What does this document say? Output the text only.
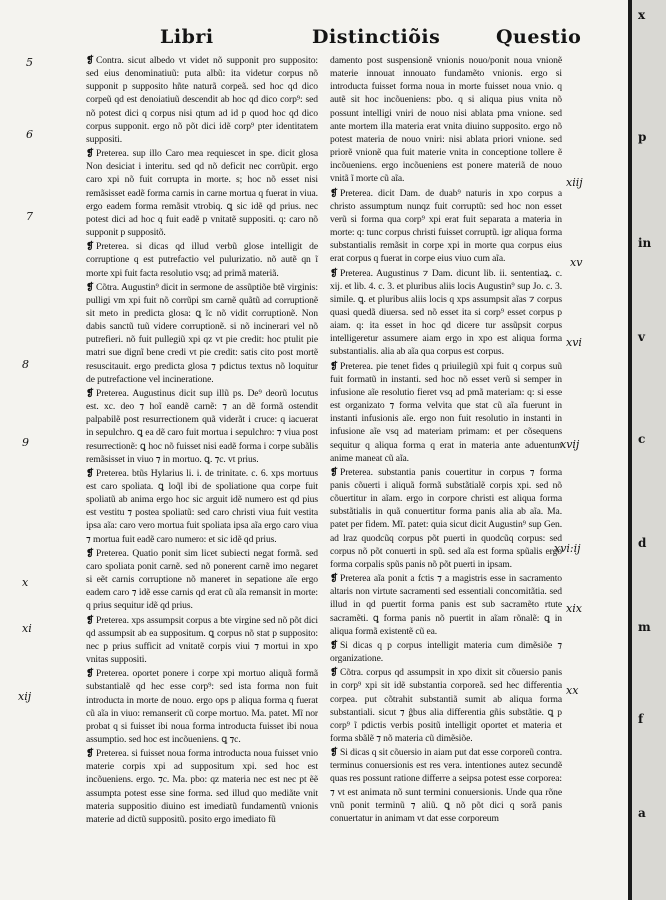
Libri	Distinctiõis	Questio
5
6
7
8
9
x
xi
xij
xiij
xv
xvi
xvij
xvi:ij
xix
xx

❡ Contra. sicut albedo vt videt nõ supponit pro supposito: sed eius denominatiuũ: puta albũ: ita videtur corpus nõ supponit p supposito hñte naturã corpeã. sed hoc qd dico corpeũ qd est denoiatiuũ descendit ab hoc qd dico corp⁹: sed nõ potest dici q corpus nisi qtum ad id p quod hoc qd dico corpus supponit. ergo nõ põt dici idẽ corp⁹ pter identitatem suppositi.

❡ Preterea. sup illo Caro mea requiescet in spe. dicit glosa Non desiciat i interitu. sed qd nõ deficit nec corrũpit. ergo caro xpi nõ fuit corrupta in morte. s; hoc nõ esset nisi remãsisset eadẽ forma carnis in carne mortua q fuerat in viua. ergo eadem forma remãsit vtrobiq. ꝗ sic idẽ qd prius. nec potest dici ad hoc q fuit eadẽ p vnitatẽ suppositi. q: caro nõ supponit p suppositõ.

❡ Preterea. si dicas qd illud verbũ glose intelligit de corruptione q est putrefactio vel pulurizatio. nõ autẽ qn ĩ morte xpi fuit facta resolutio vsq; ad primã materiã.

❡ Cõtra. Augustin⁹ dicit in sermone de assũptiõe btẽ virginis: pulligi vm xpi fuit nõ corrũpi sm carnẽ quãtũ ad corruptionẽ sit meto in predicta glosa: ꝗ ĩc nõ vidit corruptionẽ. Non dabis sanctũ tuũ videre corruptionẽ. si nõ incinerari vel nõ putrefieri. nõ fuit pullegiũ xpi qz vt pie credit: hoc ptulit pie matri sue dignĩ bene credi vt pie credit: satis cito post mortẽ resuscitauit. ergo predicta glosa ⁊ pdictus textus nõ loquitur de putrefactione vel incineratione.

❡ Preterea. Augustinus dicit sup illũ ps. De⁹ deorũ locutus est. xc. deo ⁊ hoĩ eandẽ carnẽ: ⁊ an dẽ formã ostendit palpabilẽ post resurrectionem quã viderãt i cruce: q iacuerat in sepulchro. ꝗ ea dẽ caro fuit mortua i sepulchro: ⁊ viua post resurrectionẽ: ꝗ hoc nõ fuisset nisi eadẽ forma i corpe subãlis remãsisset in viuo ⁊ in mortuo. ꝗ. ⁊c. vt prius.

❡ Preterea. btũs Hylarius li. i. de trinitate. c. 6. xps mortuus est caro spoliata. ꝗ loq̃l ibi de spoliatione qua corpe fuit spoliatũ ab anima ergo hoc sic arguit idẽ numero est qd pius est vestitu ⁊ postea spoliatũ: sed caro christi viua fuit vestita ipsa aĩa: caro vero mortua fuit spoliata ipsa aĩa ergo caro viua ⁊ mortua fuit eadẽ caro numero: et sic idẽ qd prius.

❡ Preterea. Quatio ponit sim licet subiecti negat formã. sed caro spoliata ponit carnẽ. sed nõ ponerent carnẽ imo negaret si eẽt carnis corruptione nõ maneret in sepatione aĩe ergo eadem caro ⁊ idẽ esse carnis qd erat cũ aĩa remansit in morte: q prius sequitur idẽ qd prius.

❡ Preterea. xps assumpsit corpus a bte virgine sed nõ põt dici qd assumpsit ab ea suppositum. ꝗ corpus nõ stat p supposito: nec p prius sufficit ad vnitatẽ corpis viui ⁊ mortui in xpo vnitas suppositi.

❡ Preterea. oportet ponere i corpe xpi mortuo aliquã formã substantialẽ qd hec esse corp⁹: sed ista forma non fuit introducta in morte de nouo. ergo ops p aliqua forma q fuerat cũ aĩa in viuo: remanserit cũ corpe mortuo. Ma. patet. Mĩ nor probat q si fuisset ibi noua forma introducta fuisset ibi noua assumptio. sed hoc est incõueniens. ꝗ ⁊c.

❡ Preterea. si fuisset noua forma introducta noua fuisset vnio materie corpis xpi ad suppositum xpi. sed hoc est incõueniens. ergo. ⁊c. Ma. pbo: qz materia nec est nec pt ẽẽ assumpta potest esse sine forma. sed illud quo mediãte vnit materia suppositio diuino est imediatũ fundamentũ vnionis materie ad dictũ suppositũ. posito ergo imediato fũ

damento post suspensionẽ vnionis nouo/ponit noua vnionẽ materie innouat innouato fundamẽto vnionis. ergo si introducta fuisset forma noua in morte fuisset noua vnio. q autẽ sit hoc incõueniens: pbo. q si aliqua pius vnita nõ possunt intelligi vniri de nouo nisi ablata pma vnione. sed ante mortem illa materia erat vnita diuino supposito. ergo nõ potest materia de nouo vniri: nisi ablata priori vnione. sed priorẽ vnionẽ qua fuit materie vnita in conceptione tollere ẽ incõueniens. ergo incõueniens est ponere materiã de nouo vnitã ĩ morte cũ aĩa.

❡ Preterea. dicit Dam. de duab⁹ naturis in xpo corpus a christo assumptum nunqz fuit corruptũ: sed hoc non esset verũ si forma qua corp⁹ xpi erat fuit separata a materia in morte: q: tunc corpus christi fuisset corruptũ. igr aliqua forma substantialis remãsit in corpe xpi in morte qua corpus eius erat corpus q fuerat in corpe eius viuo cum aĩa.

❡ Preterea. Augustinus ⁊ Dam. dicunt lib. ii. sententiaꝝ. c. xij. et lib. 4. c. 3. et pluribus aliis locis Augustin⁹ sup Jo. c. 3. simile. ꝗ. et pluribus aliis locis q xps assumpsit aĩas ⁊ corpus quasi quedã diuersa. sed nõ esset ita si corp⁹ esset corpus p aiam. q: ita esset in hoc qd dicere tur assũpsit corpus intelligeretur assumere aiam ergo in xpo est aliqua forma substantialis. alia ab aĩa qua corpus est corpus.

❡ Preterea. pie tenet fides q priuilegiũ xpi fuit q corpus suũ fuit formatũ in instanti. sed hoc nõ esset verũ si semper in infusione aĩe resolutio fieret vsq ad pmã materiam: q: si esse est organizato ⁊ forma velvita que stat cũ aĩa fuerunt in instanti infusionis aĩe. ergo non fuit resolutio in instanti in infusione aĩe vsq ad materiam primam: et per cõsequens sequitur q aliqua forma q erat in materia ante aduentum anime maneat cũ aĩa.

❡ Preterea. substantia panis couertitur in corpus ⁊ forma panis cõuerti i aliquã formã substãtialẽ corpis xpi. sed nõ cõuertitur in aĩam. ergo in corpore christi est aliqua forma substãtialis in quã conuertitur forma panis alia ab aĩa. Ma. patet per fidem. Mĩ. patet: quia sicut dicit Augustin⁹ sup Gen. ad lraz quodcũq corpus põt puerti in quodcũq corpus: sed corpus nõ põt conuerti in spũ. sed aĩa est forma spũalis ergo forma corpalis spũs panis nõ põt puerti in ipsam.

❡ Preterea aĩa ponit a fctis ⁊ a magistris esse in sacramento altaris non virtute sacramenti sed essentiali concomitãtia. sed illud in qd puertit forma panis est sub sacramẽto rtute sacramẽti. ꝗ forma panis nõ puertit in aĩam rõnalẽ: ꝗ in aliqua formã existentẽ cũ ea.

❡ Si dicas q p corpus intelligit materia cum dimẽsiõe ⁊ organizatione.

❡ Cõtra. corpus qd assumpsit in xpo dixit sit cõuersio panis in corp⁹ xpi sit idẽ substantia corporeã. sed hec differentia corpea. put cõtrahit substantiã sumit ab aliqua forma substantiali. sicut ⁊ ĝbus alia differentia gñis substãtie. ꝗ p corp⁹ ĩ pdictis verbis positũ intelligit oportet et materia et forma sbãlẽ ⁊ nõ materia cũ dimẽsiõe.

❡ Si dicas q sit cõuersio in aiam put dat esse corporeũ contra. terminus conuersionis est res vera. intentiones autez secundẽ quas res possunt ratione differre a seipsa potest esse corporea: ⁊ vt est animata nõ sunt termini conuersionis. Unde qua rõne vnũ ponit terminũ ⁊ aliũ. ꝗ nõ põt dici q sorã panis conuertatur in animam vt dat esse corporeum

x
p
in
v
c
d
m
f
a
